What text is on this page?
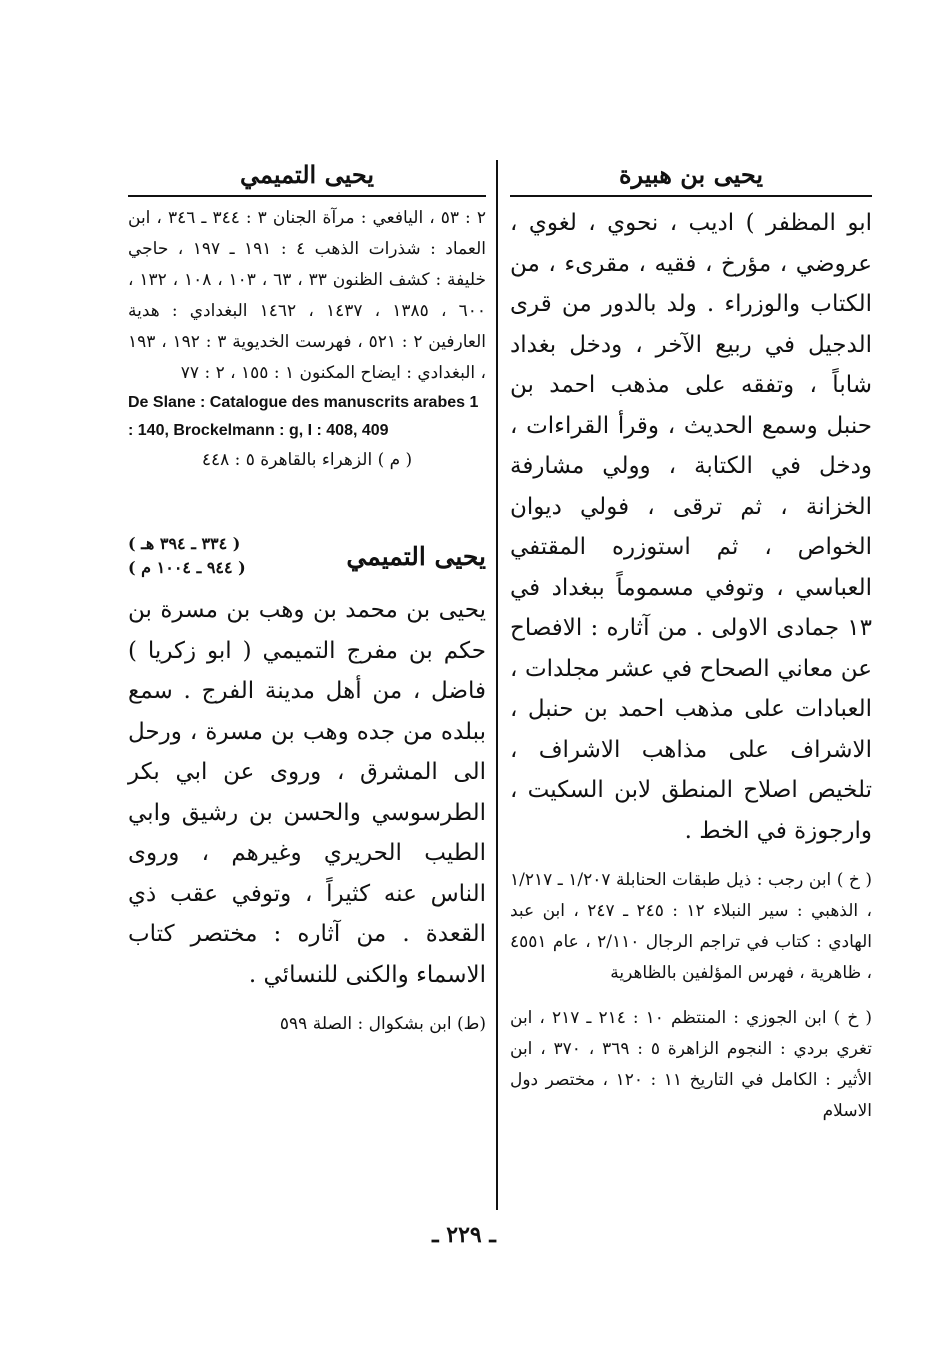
يحيى بن هبيرة

ابو المظفر ) اديب ، نحوي ، لغوي ، عروضي ، مؤرخ ، فقيه ، مقرىء ، من الكتاب والوزراء . ولد بالدور من قرى الدجيل في ربيع الآخر ، ودخل بغداد شاباً ، وتفقه على مذهب احمد بن حنبل وسمع الحديث ، وقرأ القراءات ، ودخل في الكتابة ، وولي مشارفة الخزانة ، ثم ترقى ، فولي ديوان الخواص ، ثم استوزره المقتفي العباسي ، وتوفي مسموماً ببغداد في ١٣ جمادى الاولى . من آثاره : الافصاح عن معاني الصحاح في عشر مجلدات ، العبادات على مذهب احمد بن حنبل ، الاشراف على مذاهب الاشراف ، تلخيص اصلاح المنطق لابن السكيت ، وارجوزة في الخط .

( خ ) ابن رجب : ذيل طبقات الحنابلة ١/٢٠٧ ـ ١/٢١٧ ، الذهبي : سير النبلاء ١٢ : ٢٤٥ ـ ٢٤٧ ، ابن عبد الهادي : كتاب في تراجم الرجال ٢/١١٠ ، عام ٤٥٥١ ، ظاهرية ، فهرس المؤلفين بالظاهرية

( خ ) ابن الجوزي : المنتظم ١٠ : ٢١٤ ـ ٢١٧ ، ابن تغري بردي : النجوم الزاهرة ٥ : ٣٦٩ ، ٣٧٠ ، ابن الأثير : الكامل في التاريخ ١١ : ١٢٠ ، مختصر دول الاسلام

يحيى التميمي

٢ : ٥٣ ، اليافعي : مرآة الجنان ٣ : ٣٤٤ ـ ٣٤٦ ، ابن العماد : شذرات الذهب ٤ : ١٩١ ـ ١٩٧ ، حاجي خليفة : كشف الظنون ٣٣ ، ٦٣ ، ١٠٣ ، ١٠٨ ، ١٣٢ ، ٦٠٠ ، ١٣٨٥ ، ١٤٣٧ ، ١٤٦٢ البغدادي : هدية العارفين ٢ : ٥٢١ ، فهرست الخديوية ٣ : ١٩٢ ، ١٩٣ ، البغدادي : ايضاح المكنون ١ : ١٥٥ ، ٢ : ٧٧

De Slane : Catalogue des manuscrits arabes 1 : 140, Brockelmann : g, I : 408, 409

( م ) الزهراء بالقاهرة ٥ : ٤٤٨

يحيى التميمي
( ٣٣٤ ـ ٣٩٤ هـ )
( ٩٤٤ ـ ١٠٠٤ م )

يحيى بن محمد بن وهب بن مسرة بن حكم بن مفرج التميمي ( ابو زكريا ) فاضل ، من أهل مدينة الفرج . سمع ببلده من جده وهب بن مسرة ، ورحل الى المشرق ، وروى عن ابي بكر الطرسوسي والحسن بن رشيق وابي الطيب الحريري وغيرهم ، وروى الناس عنه كثيراً ، وتوفي عقب ذي القعدة . من آثاره : مختصر كتاب الاسماء والكنى للنسائي .

(ط) ابن بشكوال : الصلة ٥٩٩

ـ ٢٢٩ ـ
